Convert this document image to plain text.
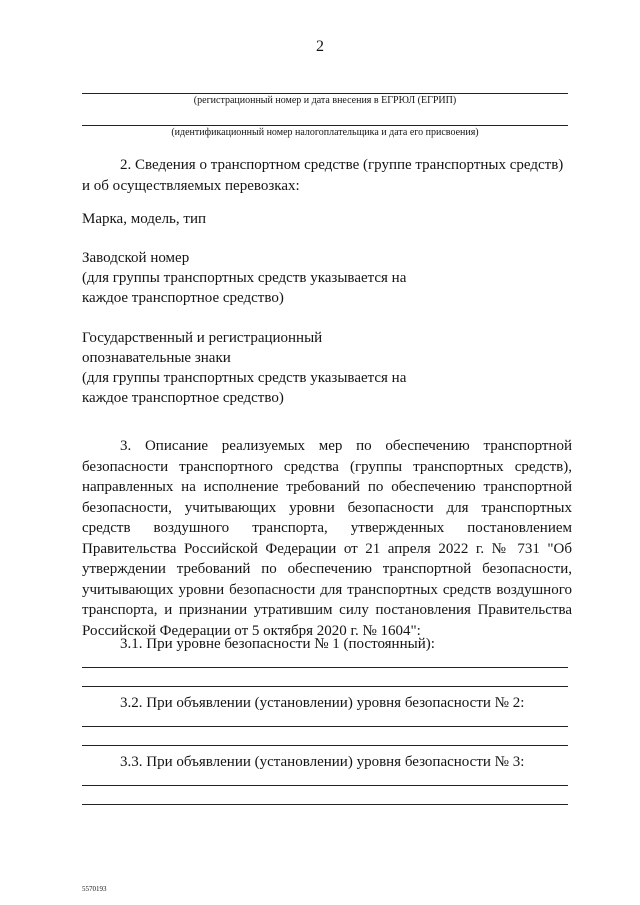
2
(регистрационный номер и дата внесения в ЕГРЮЛ (ЕГРИП)
(идентификационный номер налогоплательщика и дата его присвоения)

2. Сведения о транспортном средстве (группе транспортных средств) и об осуществляемых перевозках:

Марка, модель, тип
Заводской номер
(для группы транспортных средств указывается на
каждое транспортное средство)
Государственный и регистрационный
опознавательные знаки
(для группы транспортных средств указывается на
каждое транспортное средство)

3. Описание реализуемых мер по обеспечению транспортной безопасности транспортного средства (группы транспортных средств), направленных на исполнение требований по обеспечению транспортной безопасности, учитывающих уровни безопасности для транспортных средств воздушного транспорта, утвержденных постановлением Правительства Российской Федерации от 21 апреля 2022 г. № 731 "Об утверждении требований по обеспечению транспортной безопасности, учитывающих уровни безопасности для транспортных средств воздушного транспорта, и признании утратившим силу постановления Правительства Российской Федерации от 5 октября 2020 г. № 1604":

3.1. При уровне безопасности № 1 (постоянный):
3.2. При объявлении (установлении) уровня безопасности № 2:
3.3. При объявлении (установлении) уровня безопасности № 3:
5570193
